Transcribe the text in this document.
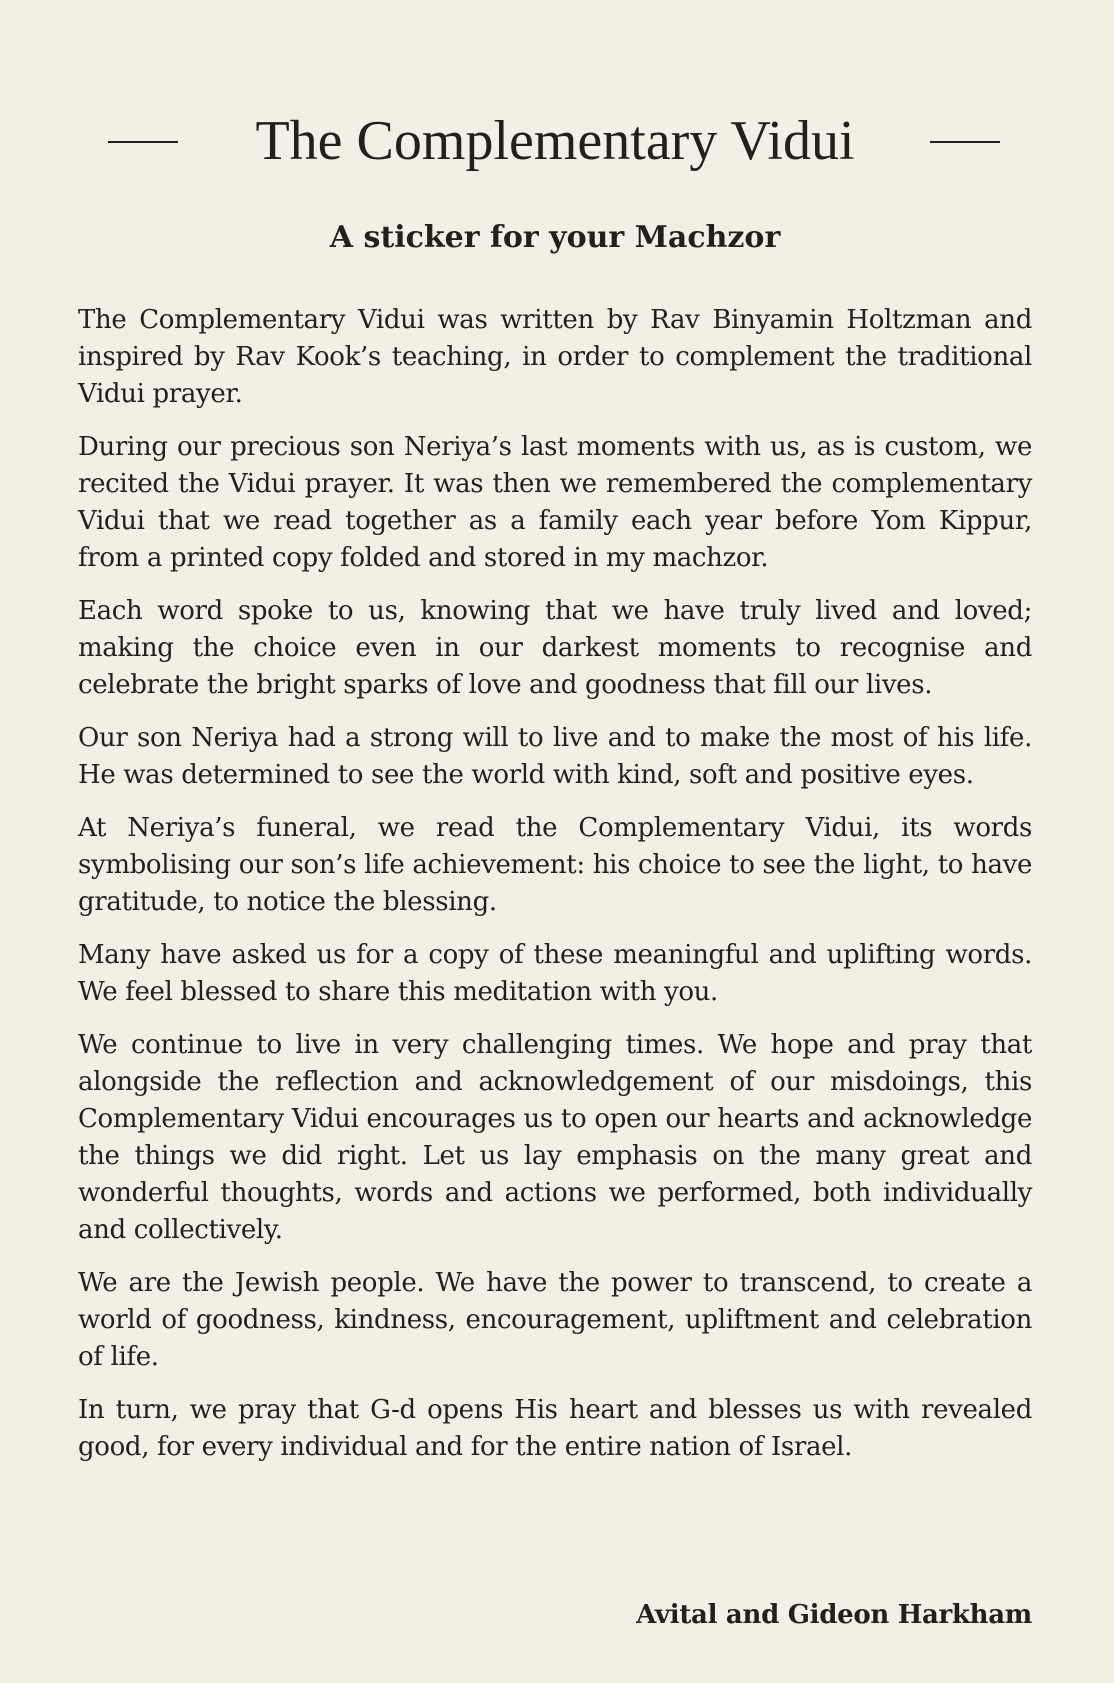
The Complementary Vidui
A sticker for your Machzor

The Complementary Vidui was written by Rav Binyamin Holtzman and inspired by Rav Kook’s teaching, in order to complement the traditional Vidui prayer.

During our precious son Neriya’s last moments with us, as is custom, we recited the Vidui prayer. It was then we remembered the complementary Vidui that we read together as a family each year before Yom Kippur, from a printed copy folded and stored in my machzor.

Each word spoke to us, knowing that we have truly lived and loved; making the choice even in our darkest moments to recognise and celebrate the bright sparks of love and goodness that fill our lives.

Our son Neriya had a strong will to live and to make the most of his life. He was determined to see the world with kind, soft and positive eyes.

At Neriya’s funeral, we read the Complementary Vidui, its words symbolising our son’s life achievement: his choice to see the light, to have gratitude, to notice the blessing.

Many have asked us for a copy of these meaningful and uplifting words. We feel blessed to share this meditation with you.

We continue to live in very challenging times. We hope and pray that alongside the reflection and acknowledgement of our misdoings, this Complementary Vidui encourages us to open our hearts and acknowledge the things we did right. Let us lay emphasis on the many great and wonderful thoughts, words and actions we performed, both individually and collectively.

We are the Jewish people. We have the power to transcend, to create a world of goodness, kindness, encouragement, upliftment and celebration of life.

In turn, we pray that G-d opens His heart and blesses us with revealed good, for every individual and for the entire nation of Israel.

Avital and Gideon Harkham
